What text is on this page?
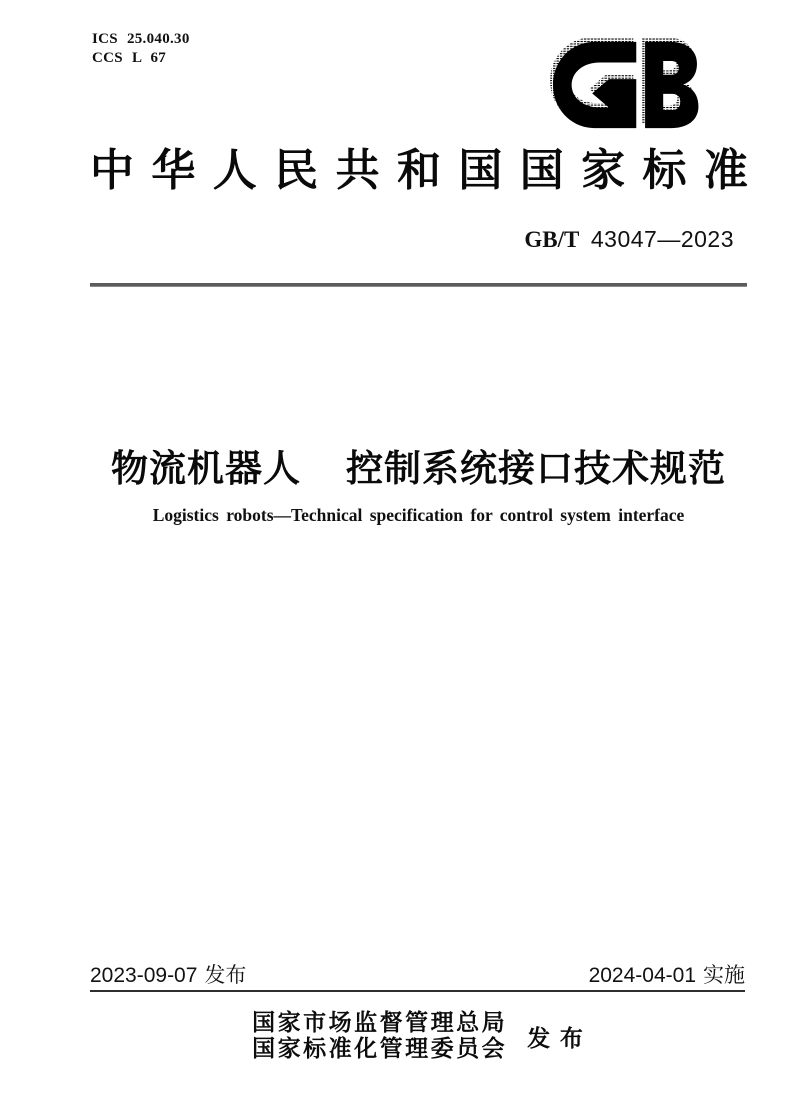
ICS 25.040.30
CCS L 67
中 华 人 民 共 和 国 国 家 标 准
GB/T 43047—2023
物流机器人 控制系统接口技术规范
Logistics robots—Technical specification for control system interface
2023-09-07 发布	2024-04-01 实施
国家市场监督管理总局
国家标准化管理委员会 发 布
